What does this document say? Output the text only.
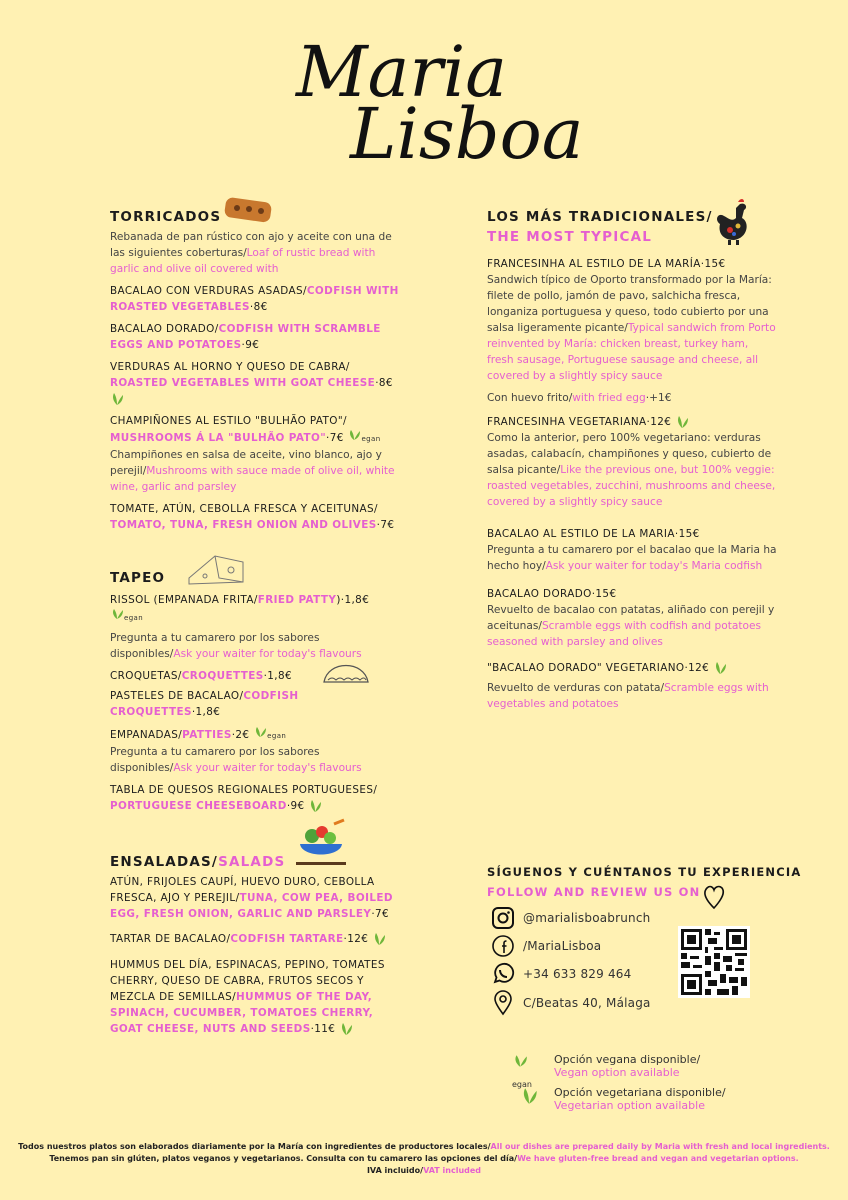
Maria
Lisboa
TORRICADOS

Rebanada de pan rústico con ajo y aceite con una de las siguientes coberturas/Loaf of rustic bread with garlic and olive oil covered with

BACALAO CON VERDURAS ASADAS/CODFISH WITH ROASTED VEGETABLES·8€

BACALAO DORADO/CODFISH WITH SCRAMBLE EGGS AND POTATOES·9€

VERDURAS AL HORNO Y QUESO DE CABRA/ ROASTED VEGETABLES WITH GOAT CHEESE·8€

CHAMPIÑONES AL ESTILO "BULHÃO PATO"/ MUSHROOMS Á LA "BULHÃO PATO"·7€	egan

Champiñones en salsa de aceite, vino blanco, ajo y perejil/Mushrooms with sauce made of olive oil, white wine, garlic and parsley

TOMATE, ATÚN, CEBOLLA FRESCA Y ACEITUNAS/ TOMATO, TUNA, FRESH ONION AND OLIVES·7€

TAPEO

RISSOL (EMPANADA FRITA/FRIED PATTY)·1,8€ egan

Pregunta a tu camarero por los sabores disponibles/Ask your waiter for today's flavours

CROQUETAS/CROQUETTES·1,8€

PASTELES DE BACALAO/CODFISH CROQUETTES·1,8€

EMPANADAS/PATTIES·2€	egan

Pregunta a tu camarero por los sabores disponibles/Ask your waiter for today's flavours

TABLA DE QUESOS REGIONALES PORTUGUESES/ PORTUGUESE CHEESEBOARD·9€

ENSALADAS/SALADS

ATÚN, FRIJOLES CAUPÍ, HUEVO DURO, CEBOLLA FRESCA, AJO Y PEREJIL/TUNA, COW PEA, BOILED EGG, FRESH ONION, GARLIC AND PARSLEY·7€

TARTAR DE BACALAO/CODFISH TARTARE·12€

HUMMUS DEL DÍA, ESPINACAS, PEPINO, TOMATES CHERRY, QUESO DE CABRA, FRUTOS SECOS Y MEZCLA DE SEMILLAS/HUMMUS OF THE DAY, SPINACH, CUCUMBER, TOMATOES CHERRY, GOAT CHEESE, NUTS AND SEEDS·11€

LOS MÁS TRADICIONALES/
THE MOST TYPICAL

FRANCESINHA AL ESTILO DE LA MARÍA·15€

Sandwich típico de Oporto transformado por la María: filete de pollo, jamón de pavo, salchicha fresca, longaniza portuguesa y queso, todo cubierto por una salsa ligeramente picante/Typical sandwich from Porto reinvented by María: chicken breast, turkey ham, fresh sausage, Portuguese sausage and cheese, all covered by a slightly spicy sauce

Con huevo frito/with fried egg·+1€

FRANCESINHA VEGETARIANA·12€

Como la anterior, pero 100% vegetariano: verduras asadas, calabacín, champiñones y queso, cubierto de salsa picante/Like the previous one, but 100% veggie: roasted vegetables, zucchini, mushrooms and cheese, covered by a slightly spicy sauce

BACALAO AL ESTILO DE LA MARIA·15€

Pregunta a tu camarero por el bacalao que la Maria ha hecho hoy/Ask your waiter for today's Maria codfish

BACALAO DORADO·15€

Revuelto de bacalao con patatas, aliñado con perejil y aceitunas/Scramble eggs with codfish and potatoes seasoned with parsley and olives

"BACALAO DORADO" VEGETARIANO·12€

Revuelto de verduras con patata/Scramble eggs with vegetables and potatoes

SÍGUENOS Y CUÉNTANOS TU EXPERIENCIA
FOLLOW AND REVIEW US ON
@marialisboabrunch
/MariaLisboa
+34 633 829 464
C/Beatas 40, Málaga
egan
Opción vegana disponible/
Vegan option available
Opción vegetariana disponible/
Vegetarian option available
Todos nuestros platos son elaborados diariamente por la María con ingredientes de productores locales/All our dishes are prepared daily by Maria with fresh and local ingredients.
Tenemos pan sin glúten, platos veganos y vegetarianos. Consulta con tu camarero las opciones del día/We have gluten-free bread and vegan and vegetarian options.
IVA incluido/VAT included
